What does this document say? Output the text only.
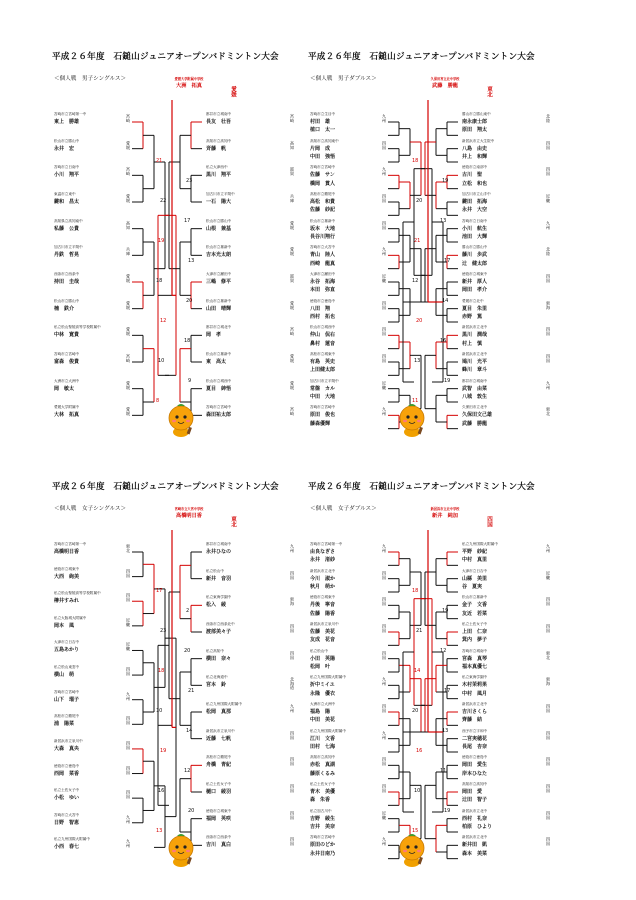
平成２６年度　石鎚山ジュニアオープンバドミントン大会
＜個人戦　男子シングルス＞	愛媛大学附属中学校
大洲　拓真	愛媛
21
23
22
17
19
13
18
20
12
18
10
9
8
宮崎市立宮崎第一中
東上　勝雄	宮崎
松山市立勝山中
永井　宏	愛媛
宮崎市立日南中
小川　翔平	宮崎
東温市立東中
鍵和　昌太	愛媛
高知県立高知南中
私藤　公貴	高知
加古川市立平岡中
丹鉄　哲晃	兵庫
西条市立西条中
持田　圭哉	愛媛
松山市立勝山中
楠　鉄介	愛媛
私立松山聖陵高等学校附属中
中林　寛貴	愛媛
宮崎市立宮崎中
富森　俊貴	宮崎
大洲市立大洲中
岡　敏太	愛媛
愛媛大学附属中
大林　拓真	愛媛
都井市立城南中
長友　壮吾	宮崎
高知市立高知中
斉藤　帆	高知
私立大津西中
黒川　翔平	滋賀
加古川市立平岡中
一石　陽大	兵庫
松山市立勝山中
山根　兼基	愛媛
松山市立雄新中
吉本光太朗	愛媛
大津市立瀬田中
三嶋　修平	滋賀
松山市立雄新中
山田　晴輝	愛媛
都井市立城北中
岡　孝	宮崎
松山市立雄新中
東　高太	愛媛
松山市立城西中
夏目　紳悟	愛媛
宮崎市立宮崎中
森田祐太郎	宮崎
平成２６年度　石鎚山ジュニアオープンバドミントン大会
＜個人戦　男子ダブルス＞	久保田宮立北中学校
武藤　勝龍	東北
18
19
20
13
21
17
12
14
20
16
13
19
11
宮崎市立生目中
村田　雄	九州
植口　太一
高知市立高知東中
片岡　成	四国
中田　強悟
宮崎市立宮崎中
佐藤　サン	九州
橋岡　貫人
高松市立鶴尾中
高松　和貴	四国
佐藤　紗記
松山市立雄新中
坂本　大地	四国
長谷川翔行
宮崎市立大宮中
青山　陸人	九州
西崎　龍真
大津市立瀬田中
永谷　拓海	近畿
本田　弥直
徳島市立徳島中
八田　翔	四国
西村　拓也
松山市立城西中
仲山　侃右	四国
鼻村　蓮音
高松市立城東中
有島　英史	四国
上田健太郎
加古川市立平岡中
常盤　カル	近畿
中田　大地
宮崎市立宮崎中
原田　俊也	九州
藤森優輝
勝山市立勝山東中
南永康士郎	北陸
原田　翔太
新居浜市立大生院中
八島　由史	四国
井上　和輝
徳島市立南部中
古川　聖	四国
立松　和也
加古川市立山手中
鍵田　拓海	近畿
永井　大空
宮崎市立日南中
小川　航生	九州
池田　大輝
勝山市立勝山中
藤川　歩武	北陸
辻　健太郎
徳島市立城東中
新井　厚人	四国
岡田　孝介
愛媛市立北中
夏目　朱里	東海
赤野　篤
新居浜市立北中
黒川　潤哉	四国
村上　慎
新居浜市立北中
鳩川　光平	四国
蜂川　章斗
都井市立城南中
武智　由菜	九州
八城　敦生
久保田市立北中
久保田文己雄	東北
武藤　勝龍
平成２６年度　石鎚山ジュニアオープンバドミントン大会
＜個人戦　女子シングルス＞	宮崎市立大宮中学校
高橋明日香	東北
17
2
23
20
18
21
10
14
19
12
16
20
13
宮崎市立宮崎第一中
高橋明日香	東北
徳島市立城東中
大西　絢美	四国
私立松山聖陵高等学校附属中
榊井すみれ	四国
私立大阪城大附属中
岡本　風	近畿
大津市立日吉中
五島あかり	近畿
私立松山東雲中
横山　萌	四国
宮崎市立宮崎中
山下　瑠子	九州
高松市立鶴尾中
浦　陽菜	四国
新居浜市立泉川中
大森　真央	四国
徳島市立徳島中
西岡　菜香	四国
私立土佐女子中
小松　ゆい	四国
宮崎市立大宮中
日野　智恵	九州
私立九州国際大附属中
小西　春七	九州
都井市立城南中
永井ひなの	九州
私立松山中
新井　音羽	四国
私立東海学園中
松入　綾	東海
西条市立西条北中
渡部美々子	四国
私立高知中
横田　奈々	四国
私立北海道中
宮本　鈴	北海道
私立九州国際大附属中
松岡　真那	九州
新居浜市立泉川中
近藤　七帆	四国
高松市立鶴尾中
舟橋　青紀	四国
私立土佐女子中
樋口　綾羽	四国
徳島市立城東中
福岡　英咲	四国
西条市立西条中
吉川　真白	四国
平成２６年度　石鎚山ジュニアオープンバドミントン大会
＜個人戦　女子ダブルス＞	新居浜市立北中学校
新井　純加	四国
18
19
21
12
14
17
20
13
16
11
10
19
15
宮崎市立宮崎第一中
由良なぎさ	九州
永井　渚紗
新居浜市立北中
今川　淑か	四国
秋月　萌か
徳島市立城東中
丹後　寧音	四国
佐藤　陽香
新居浜市立泉川中
佐藤　美花	四国
友成　花音
私立松山中
小田　英陽	四国
松岡　叶
私立九州国際大附属中
折中ミイユ	九州
永隆　優衣
大洲市立大洲中
福島　陽	四国
中田　美花
私立九州国際大附属中
江川　文香	九州
田村　七海
高知市立高知中
赤松　真湖	四国
藤原くるみ
私立土佐女子中
青木　美優	四国
森　朱香
私立加古川中
吉野　綾生	近畿
吉井　美奈
宮崎市立宮崎中
原田のどか	九州
永井日南乃
私立九州国際大附属中
平野　紗紀	九州
中村　真里
大津市立日吉中
山縣　美里	近畿
谷　夏実
松山市立雄新中
金子　文香	四国
友近　若菜
私立土佐女子中
上田　仁奈	四国
箕内　夢子
宮崎市立城南中
宮森　真琴	東北
福本真優七
私立東海学園中
木村茉莉果	東海
中村　風月
新居浜市立北中
吉川さくら	四国
齊藤　結
西予市立宇和中
二宮実穂花	四国
長尾　杏奈
徳島市立徳島中
岡田　愛生	四国
岸本ひなた
高知市立高知中
岡田　愛	四国
辻田　智子
新居浜市立北中
西村　礼奈	四国
柏原　ひより
新居浜市立北中
新井田　凱	四国
森本　美菜
